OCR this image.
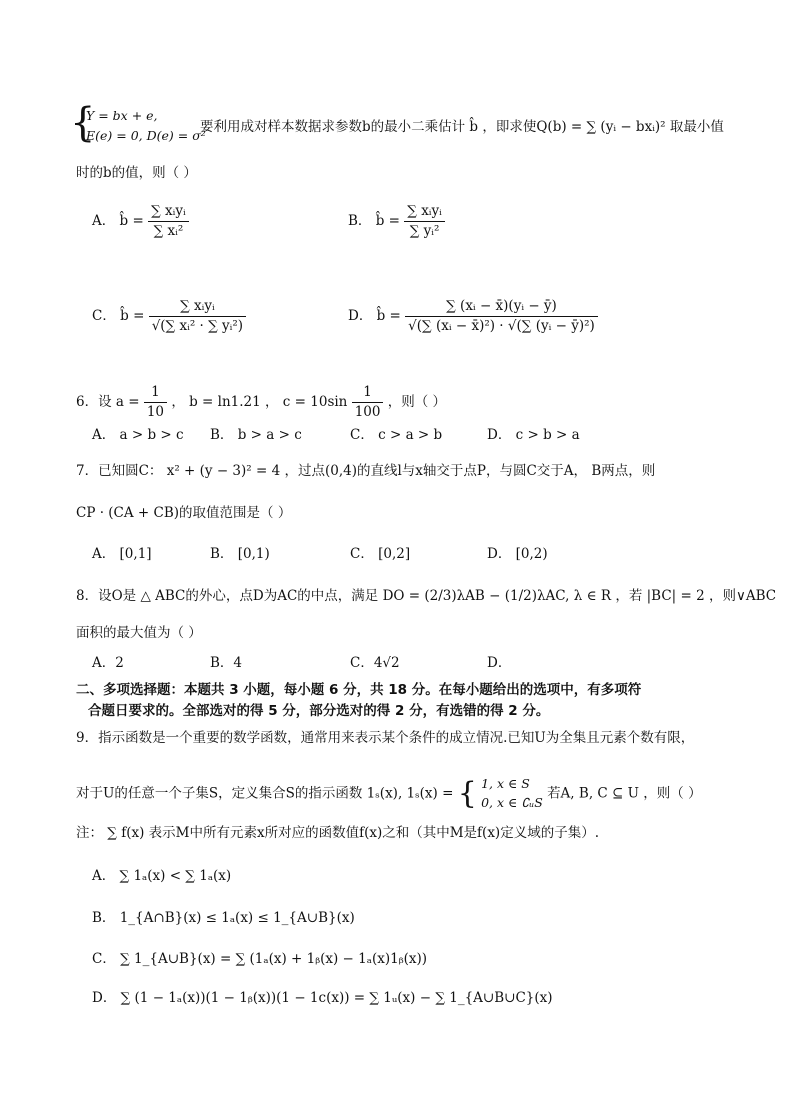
{
Y = bx + e,
E(e) = 0, D(e) = σ²
要利用成对样本数据求参数b的最小二乘估计 b̂ ，即求使Q(b) = ∑ (yᵢ − bxᵢ)² 取最小值
时的b的值，则（ ）
A． b̂ = $\frac{\text{∑ xᵢyᵢ}}{\text{∑ xᵢ²}}$	B． b̂ = $\frac{\text{∑ xᵢyᵢ}}{\text{∑ yᵢ²}}$
C． b̂ = $\frac{\text{∑ xᵢyᵢ}}{\text{√(∑ xᵢ² · ∑ yᵢ²)}}$	D． b̂ = $\frac{\text{∑ (xᵢ − x̄)(yᵢ − ȳ)}}{\text{√(∑ (xᵢ − x̄)²) · √(∑ (yᵢ − ȳ)²)}}$
6．设 $a = \frac{1}{10}$ ， b = ln1.21 ， $c = 10\sin \frac{1}{100}$ ，则（ ）
A． a > b > c B． b > a > c	C． c > a > b	D． c > b > a
7．已知圆C： x² + (y − 3)² = 4 ，过点(0,4)的直线l与x轴交于点P，与圆C交于A， B两点，则
CP · (CA + CB)的取值范围是（ ）
A． [0,1]	B． [0,1)	C． [0,2]	D． [0,2)
8．设O是 △ ABC的外心，点D为AC的中点，满足 DO = (2/3)λAB − (1/2)λAC, λ ∈ R ，若 |BC| = 2 ，则∨ABC
面积的最大值为（ ）
A．2	B．4	C．4√2	D．
二、多项选择题：本题共 3 小题，每小题 6 分，共 18 分。在每小题给出的选项中，有多项符
合题日要求的。全部选对的得 5 分，部分选对的得 2 分，有选错的得 2 分。
9．指示函数是一个重要的数学函数，通常用来表示某个条件的成立情况.已知U为全集且元素个数有限，
对于U的任意一个子集S，定义集合S的指示函数 1ₛ(x), 1ₛ(x) = { 1, x ∈ S
0, x ∈ ∁ᵤS
若A, B, C ⊆ U ，则（ ）
注： ∑ f(x) 表示M中所有元素x所对应的函数值f(x)之和（其中M是f(x)定义域的子集）.
A． ∑ 1ₐ(x) < ∑ 1ₐ(x)
B． 1_{A∩B}(x) ≤ 1ₐ(x) ≤ 1_{A∪B}(x)
C． ∑ 1_{A∪B}(x) = ∑ (1ₐ(x) + 1ᵦ(x) − 1ₐ(x)1ᵦ(x))
D． ∑ (1 − 1ₐ(x))(1 − 1ᵦ(x))(1 − 1c(x)) = ∑ 1ᵤ(x) − ∑ 1_{A∪B∪C}(x)
